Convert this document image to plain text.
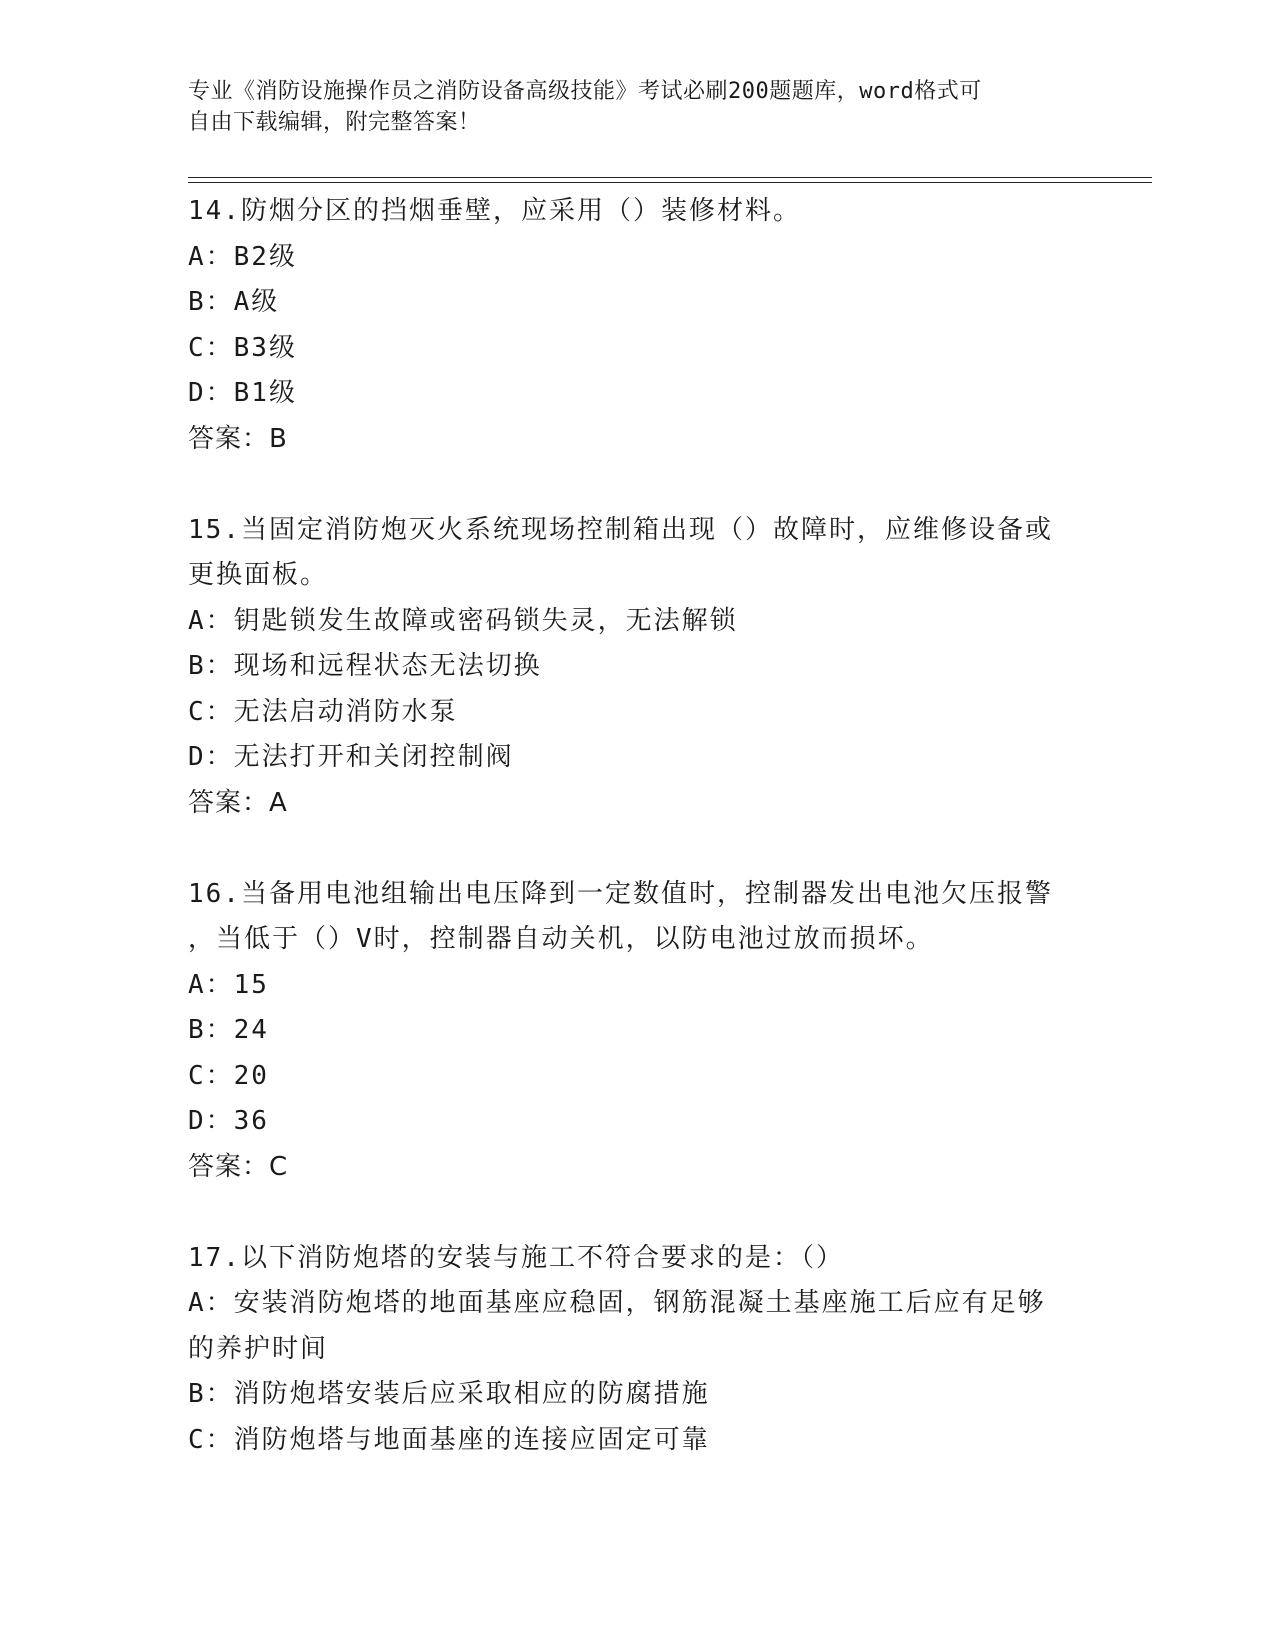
专业《消防设施操作员之消防设备高级技能》考试必刷200题题库，word格式可
自由下载编辑，附完整答案！
14.防烟分区的挡烟垂壁，应采用（）装修材料。
A：B2级
B：A级
C：B3级
D：B1级
答案：B
15.当固定消防炮灭火系统现场控制箱出现（）故障时，应维修设备或
更换面板。
A：钥匙锁发生故障或密码锁失灵，无法解锁
B：现场和远程状态无法切换
C：无法启动消防水泵
D：无法打开和关闭控制阀
答案：A
16.当备用电池组输出电压降到一定数值时，控制器发出电池欠压报警
，当低于（）V时，控制器自动关机，以防电池过放而损坏。
A：15
B：24
C：20
D：36
答案：C
17.以下消防炮塔的安装与施工不符合要求的是：（）
A：安装消防炮塔的地面基座应稳固，钢筋混凝土基座施工后应有足够
的养护时间
B：消防炮塔安装后应采取相应的防腐措施
C：消防炮塔与地面基座的连接应固定可靠
